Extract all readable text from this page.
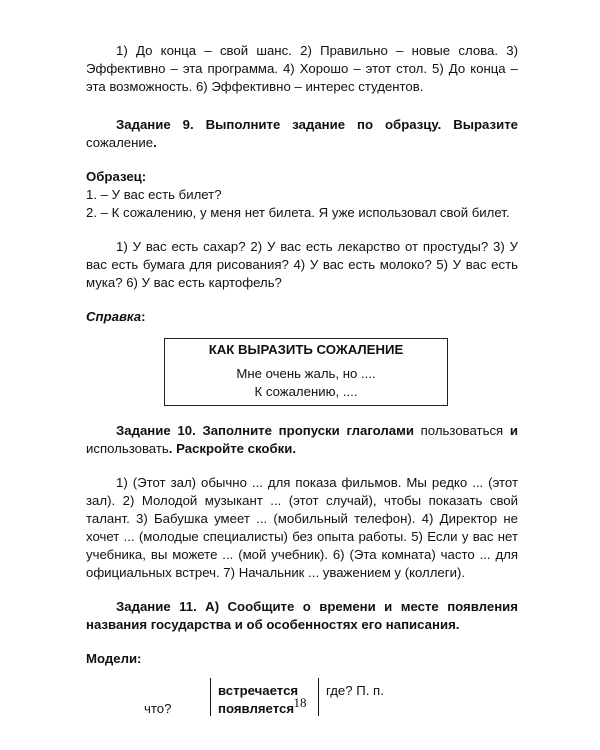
1) До конца – свой шанс. 2) Правильно – новые слова. 3) Эффективно – эта программа. 4) Хорошо – этот стол. 5) До конца – эта возможность. 6) Эффективно – интерес студентов.

Задание 9. Выполните задание по образцу. Выразите сожаление.

Образец:

1. – У вас есть билет?

2. – К сожалению, у меня нет билета. Я уже использовал свой билет.

1) У вас есть сахар? 2) У вас есть лекарство от простуды? 3) У вас есть бумага для рисования? 4) У вас есть молоко? 5) У вас есть мука? 6) У вас есть картофель?

Справка:

КАК ВЫРАЗИТЬ СОЖАЛЕНИЕ
Мне очень жаль, но ....
К сожалению, ....

Задание 10. Заполните пропуски глаголами пользоваться и использовать. Раскройте скобки.

1) (Этот зал) обычно ... для показа фильмов. Мы редко ... (этот зал). 2) Молодой музыкант ... (этот случай), чтобы показать свой талант. 3) Бабушка умеет ... (мобильный телефон). 4) Директор не хочет ... (молодые специалисты) без опыта работы. 5) Если у вас нет учебника, вы можете ... (мой учебник). 6) (Эта комната) часто ... для официальных встреч. 7) Начальник ... уважением у (коллеги).

Задание 11. А) Сообщите о времени и месте появления названия государства и об особенностях его написания.

Модели:

что?
встречается
появляется
где? П. п.
18
